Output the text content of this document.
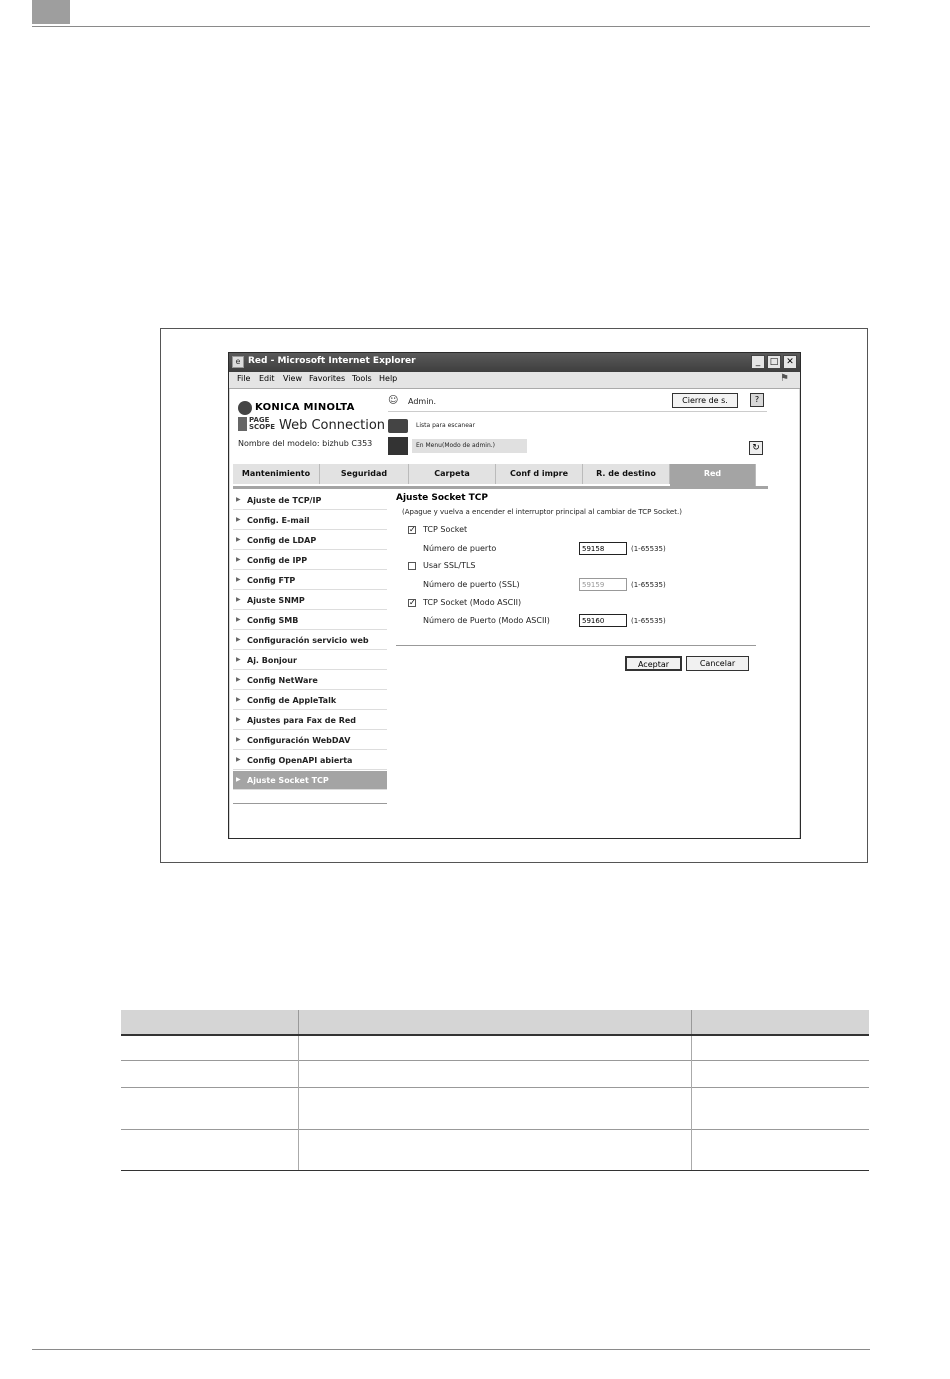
e Red - Microsoft Internet Explorer	_	□ ✕
File Edit View Favorites Tools Help	⚑
KONICA MINOLTA
PAGE SCOPE Web Connection
Nombre del modelo: bizhub C353
☺	Admin.	Cierre de s.	?
Lista para escanear
En Menu(Modo de admin.)	↻
Mantenimiento	Seguridad	Carpeta	Conf d impre	R. de destino	Red
▶ Ajuste de TCP/IP
▶ Config. E-mail
▶ Config de LDAP
▶ Config de IPP
▶ Config FTP
▶ Ajuste SNMP
▶ Config SMB
▶ Configuración servicio web
▶ Aj. Bonjour
▶ Config NetWare
▶ Config de AppleTalk
▶ Ajustes para Fax de Red
▶ Configuración WebDAV
▶ Config OpenAPI abierta
▶ Ajuste Socket TCP
Ajuste Socket TCP
(Apague y vuelva a encender el interruptor principal al cambiar de TCP Socket.)
✓ TCP Socket
Número de puerto
59158	(1-65535)
Usar SSL/TLS
Número de puerto (SSL)
59159	(1-65535)
✓ TCP Socket (Modo ASCII)
Número de Puerto (Modo ASCII)
59160	(1-65535)
Aceptar	Cancelar
